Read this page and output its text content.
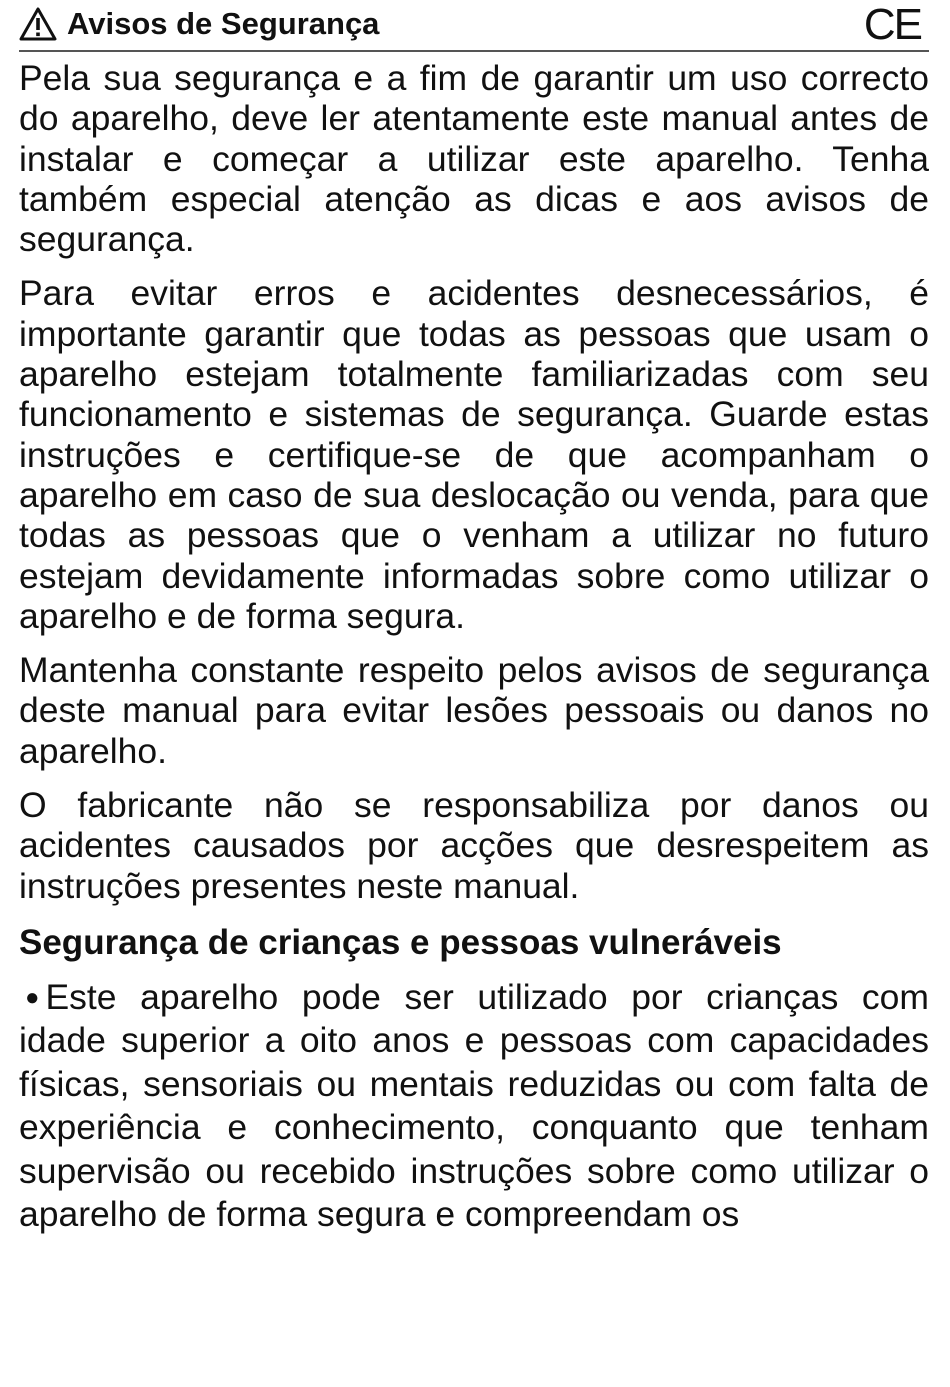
Avisos de Segurança	CE

Pela sua segurança e a fim de garantir um uso correcto do aparelho, deve ler atentamente este manual antes de instalar e começar a utilizar este aparelho. Tenha também especial atenção as dicas e aos avisos de segurança.

Para evitar erros e acidentes desnecessários, é importante garantir que todas as pessoas que usam o aparelho estejam totalmente familiarizadas com seu funcionamento e sistemas de segurança. Guarde estas instruções e certifique-se de que acompanham o aparelho em caso de sua deslocação ou venda, para que todas as pessoas que o venham a utilizar no futuro estejam devidamente informadas sobre como utilizar o aparelho e de forma segura.

Mantenha constante respeito pelos avisos de segurança deste manual para evitar lesões pessoais ou danos no aparelho.

O fabricante não se responsabiliza por danos ou acidentes causados por acções que desrespeitem as instruções presentes neste manual.

Segurança de crianças e pessoas vulneráveis

● Este aparelho pode ser utilizado por crianças com idade superior a oito anos e pessoas com capacidades físicas, sensoriais ou mentais reduzidas ou com falta de experiência e conhecimento, conquanto que tenham supervisão ou recebido instruções sobre como utilizar o aparelho de forma segura e compreendam os
